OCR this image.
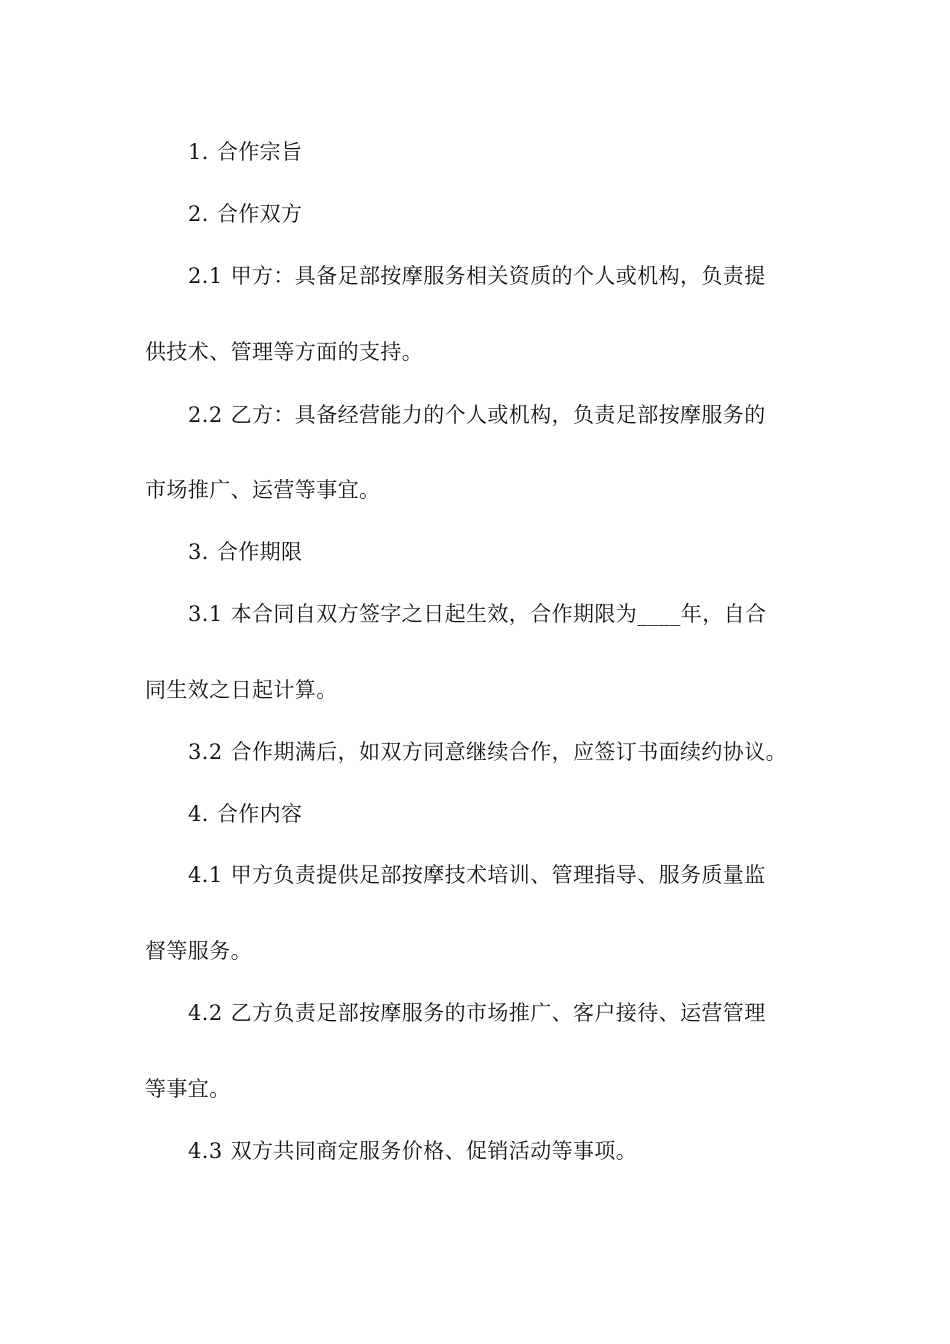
1. 合作宗旨
2. 合作双方
2.1 甲方：具备足部按摩服务相关资质的个人或机构，负责提
供技术、管理等方面的支持。
2.2 乙方：具备经营能力的个人或机构，负责足部按摩服务的
市场推广、运营等事宜。
3. 合作期限
3.1 本合同自双方签字之日起生效，合作期限为____年，自合
同生效之日起计算。
3.2 合作期满后，如双方同意继续合作，应签订书面续约协议。
4. 合作内容
4.1 甲方负责提供足部按摩技术培训、管理指导、服务质量监
督等服务。
4.2 乙方负责足部按摩服务的市场推广、客户接待、运营管理
等事宜。
4.3 双方共同商定服务价格、促销活动等事项。
